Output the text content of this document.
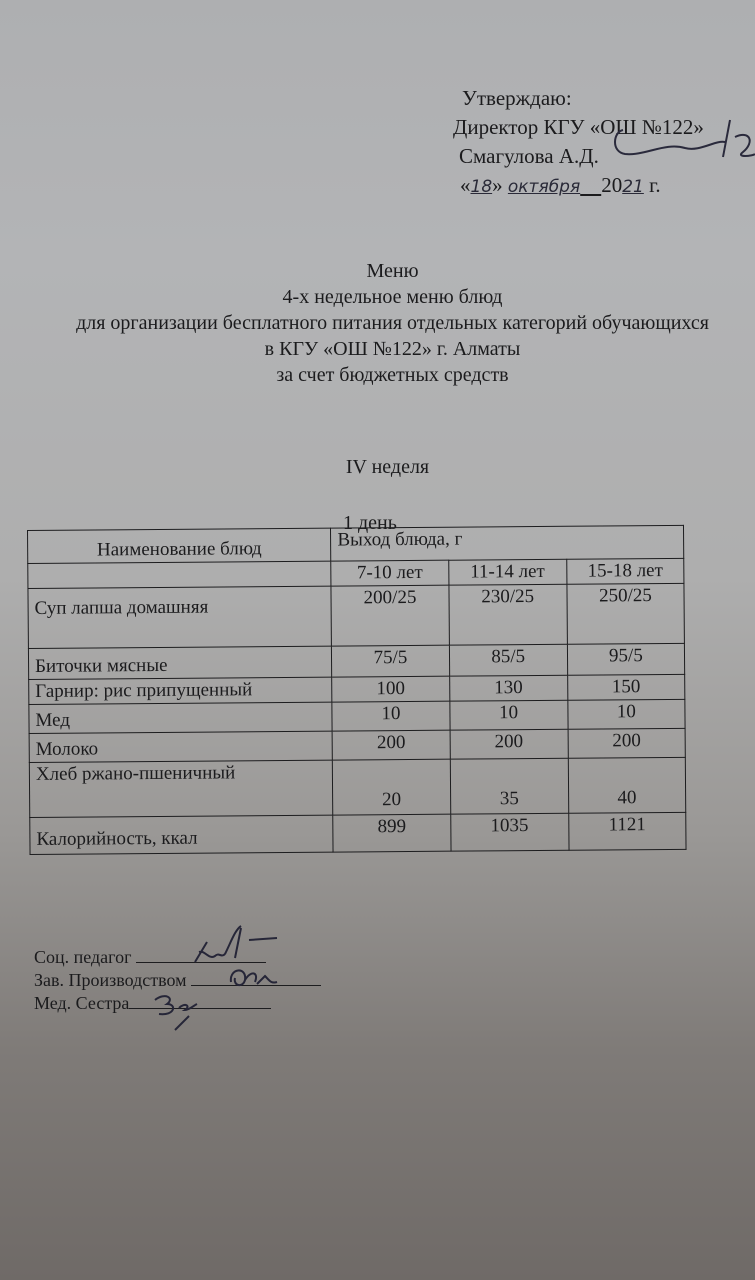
Утверждаю:
Директор КГУ «ОШ №122»
Смагулова А.Д.
«18» октября 2021 г.
Меню
4-х недельное меню блюд
для организации бесплатного питания отдельных категорий обучающихся
в КГУ «ОШ №122» г. Алматы
за счет бюджетных средств
IV неделя
1 день
Наименование блюд	Выход блюда, г		
	7-10 лет	11-14 лет	15-18 лет
Суп лапша домашняя	200/25	230/25	250/25
Биточки мясные	75/5	85/5	95/5
Гарнир: рис припущенный	100	130	150
Мед	10	10	10
Молоко	200	200	200
Хлеб ржано-пшеничный	20	35	40
Калорийность, ккал	899	1035	1121
Соц. педагог
Зав. Производством
Мед. Сестра
